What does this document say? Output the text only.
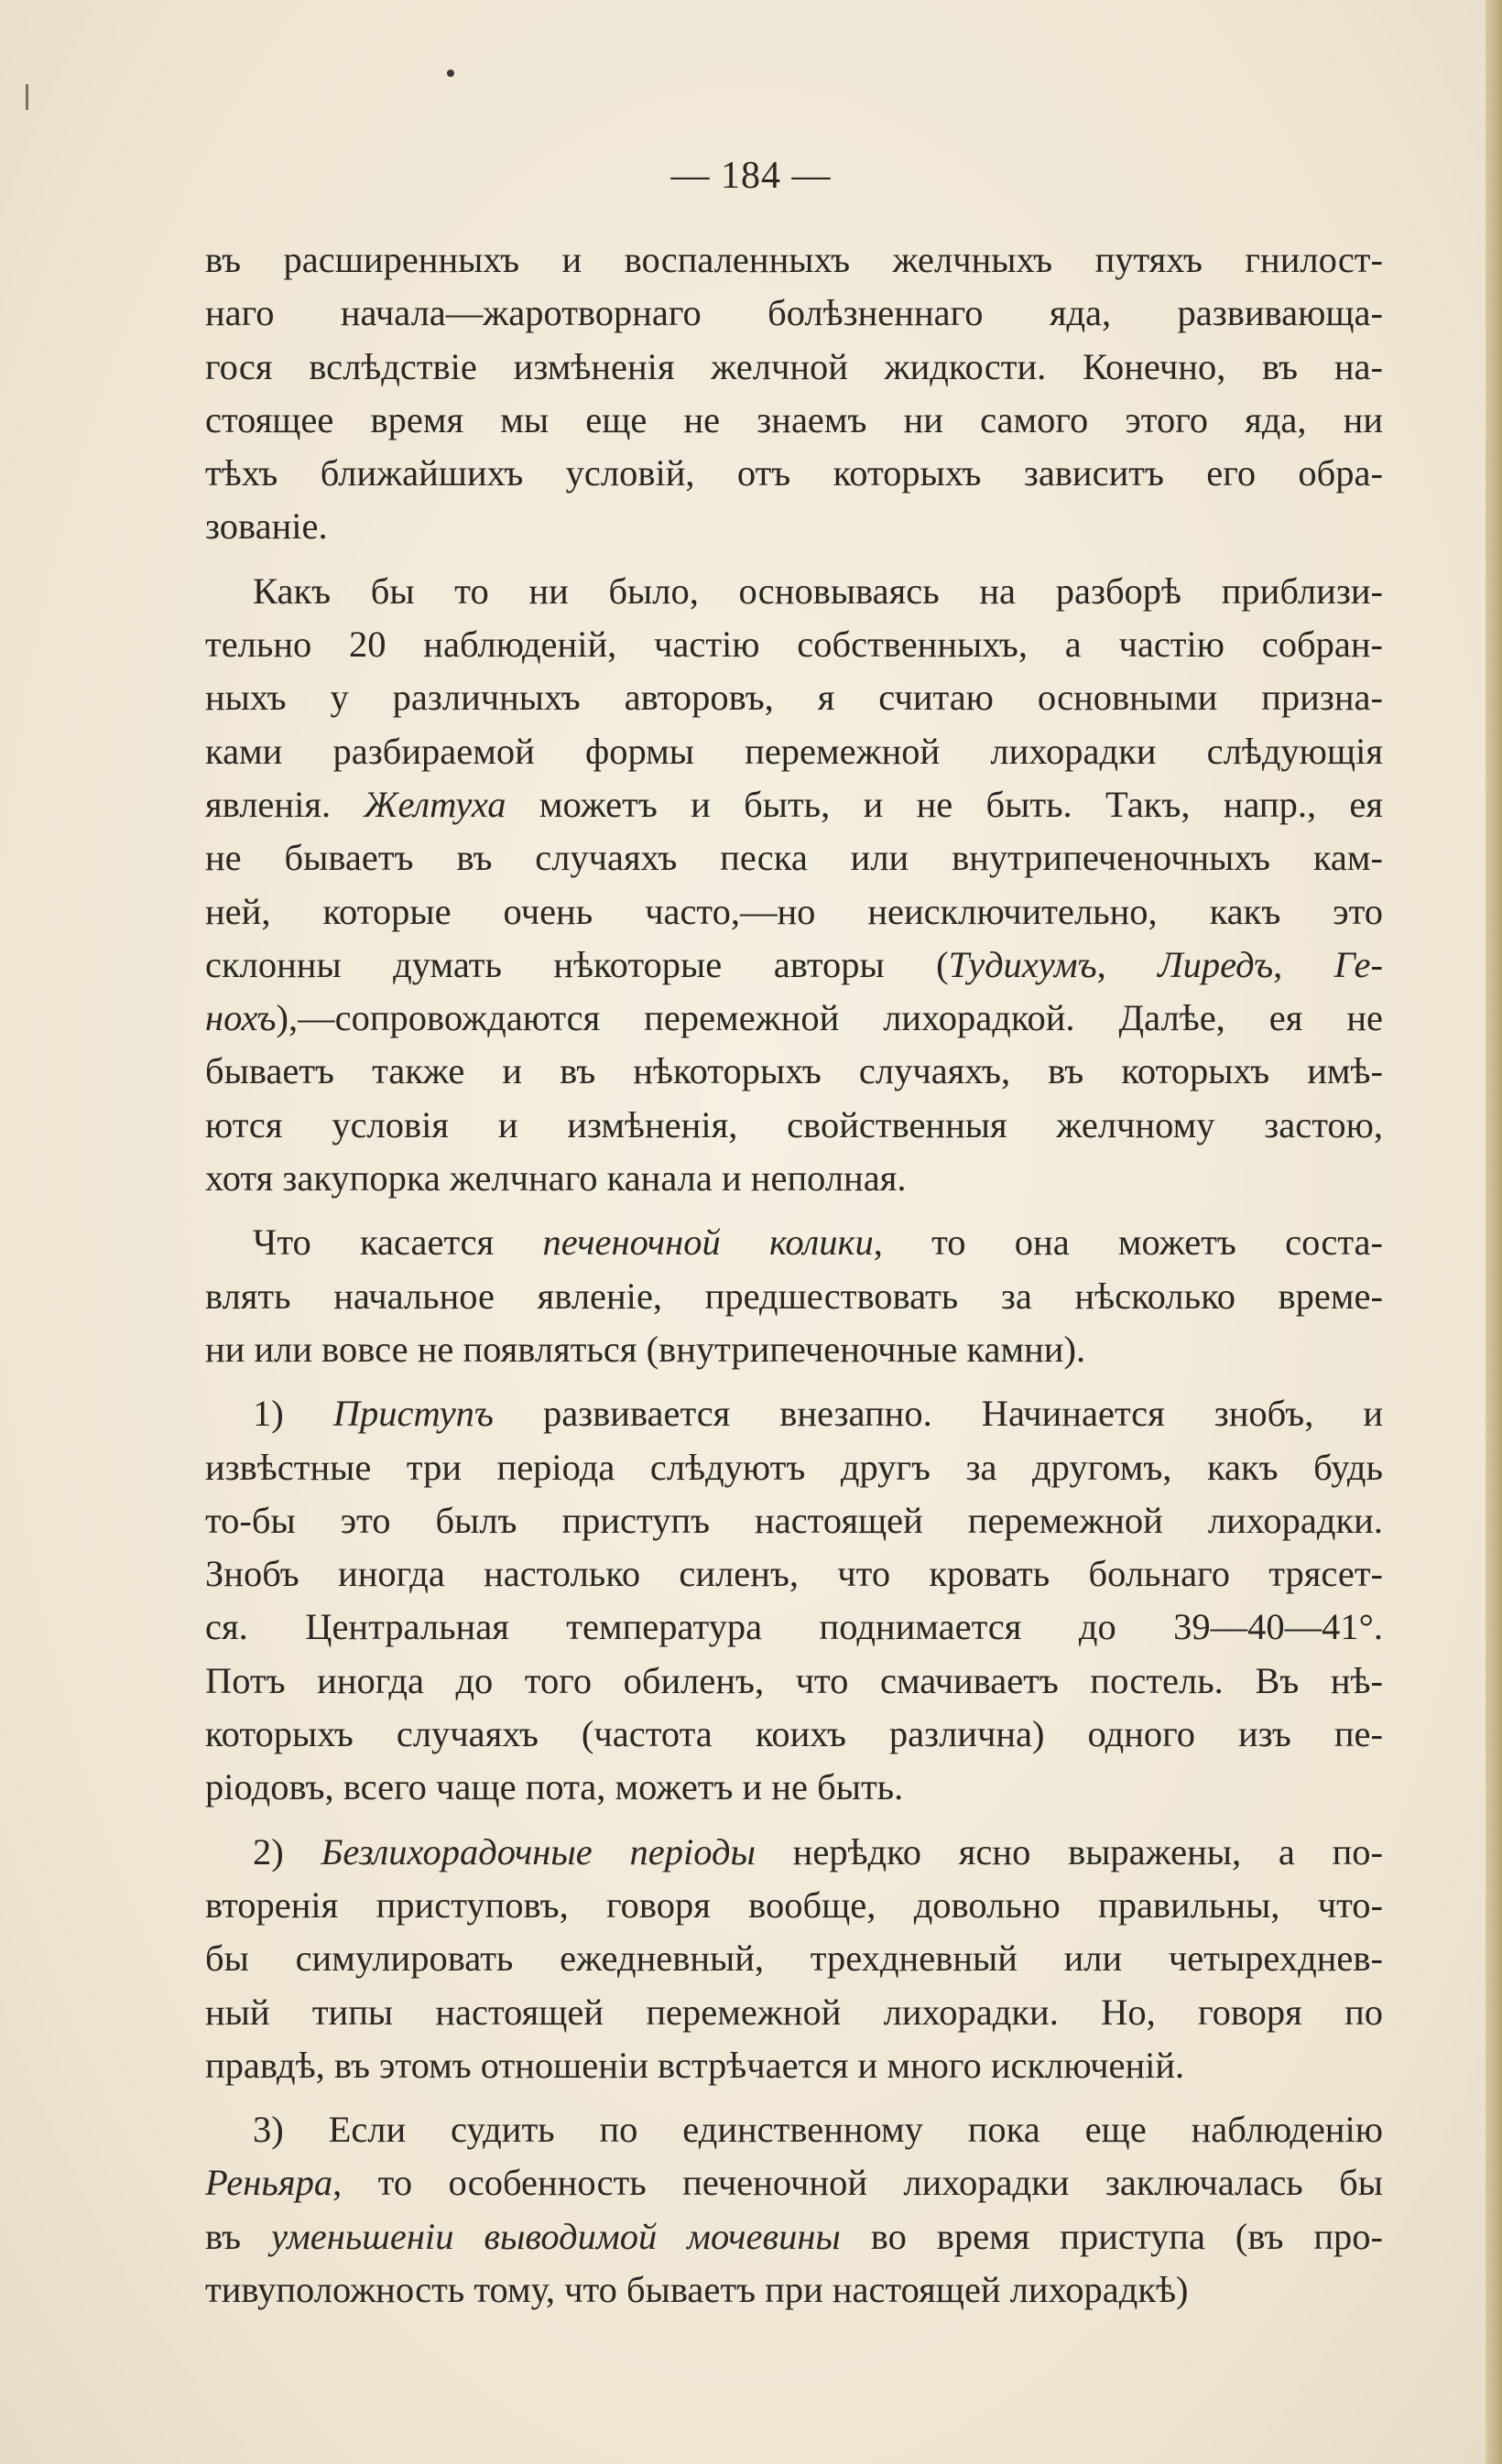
— 184 —
въ расширенныхъ и воспаленныхъ желчныхъ путяхъ гнилост-
наго начала—жаротворнаго болѣзненнаго яда, развивающа-
гося вслѣдствіе измѣненія желчной жидкости. Конечно, въ на-
стоящее время мы еще не знаемъ ни самого этого яда, ни
тѣхъ ближайшихъ условій, отъ которыхъ зависитъ его обра-
зованіе.
Какъ бы то ни было, основываясь на разборѣ приблизи-
тельно 20 наблюденій, частію собственныхъ, а частію собран-
ныхъ у различныхъ авторовъ, я считаю основными призна-
ками разбираемой формы перемежной лихорадки слѣдующія
явленія. Желтуха можетъ и быть, и не быть. Такъ, напр., ея
не бываетъ въ случаяхъ песка или внутрипеченочныхъ кам-
ней, которые очень часто,—но неисключительно, какъ это
склонны думать нѣкоторые авторы (Тудихумъ, Лиредъ, Ге-
нохъ),—сопровождаются перемежной лихорадкой. Далѣе, ея не
бываетъ также и въ нѣкоторыхъ случаяхъ, въ которыхъ имѣ-
ются условія и измѣненія, свойственныя желчному застою,
хотя закупорка желчнаго канала и неполная.
Что касается печеночной колики, то она можетъ соста-
влять начальное явленіе, предшествовать за нѣсколько време-
ни или вовсе не появляться (внутрипеченочные камни).
1) Приступъ развивается внезапно. Начинается знобъ, и
извѣстные три періода слѣдуютъ другъ за другомъ, какъ будь
то-бы это былъ приступъ настоящей перемежной лихорадки.
Знобъ иногда настолько силенъ, что кровать больнаго трясет-
ся. Центральная температура поднимается до 39—40—41°.
Потъ иногда до того обиленъ, что смачиваетъ постель. Въ нѣ-
которыхъ случаяхъ (частота коихъ различна) одного изъ пе-
ріодовъ, всего чаще пота, можетъ и не быть.
2) Безлихорадочные періоды нерѣдко ясно выражены, а по-
вторенія приступовъ, говоря вообще, довольно правильны, что-
бы симулировать ежедневный, трехдневный или четырехднев-
ный типы настоящей перемежной лихорадки. Но, говоря по
правдѣ, въ этомъ отношеніи встрѣчается и много исключеній.
3) Если судить по единственному пока еще наблюденію
Реньяра, то особенность печеночной лихорадки заключалась бы
въ уменьшеніи выводимой мочевины во время приступа (въ про-
тивуположность тому, что бываетъ при настоящей лихорадкѣ)
